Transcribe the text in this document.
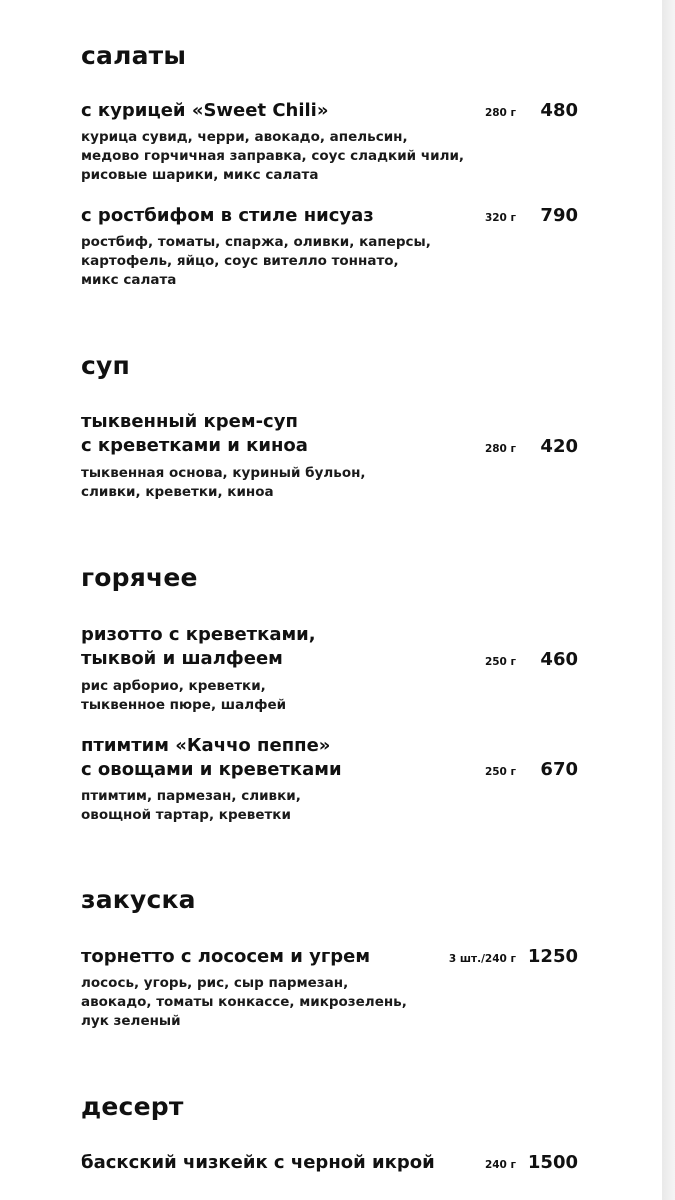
салаты
с курицей «Sweet Chili»	280 г 480
курица сувид, черри, авокадо, апельсин,
медово горчичная заправка, соус сладкий чили,
рисовые шарики, микс салата
с ростбифом в стиле нисуаз	320 г 790
ростбиф, томаты, спаржа, оливки, каперсы,
картофель, яйцо, соус вителло тоннато,
микс салата
суп
тыквенный крем-суп
с креветками и киноа	280 г 420
тыквенная основа, куриный бульон,
сливки, креветки, киноа
горячее
ризотто с креветками,
тыквой и шалфеем	250 г 460
рис арборио, креветки,
тыквенное пюре, шалфей
птимтим «Каччо пеппе»
с овощами и креветками	250 г 670
птимтим, пармезан, сливки,
овощной тартар, креветки
закуска
торнетто с лососем и угрем	3 шт./240 г 1250
лосось, угорь, рис, сыр пармезан,
авокадо, томаты конкассе, микрозелень,
лук зеленый
десерт
баскский чизкейк с черной икрой	240 г 1500
